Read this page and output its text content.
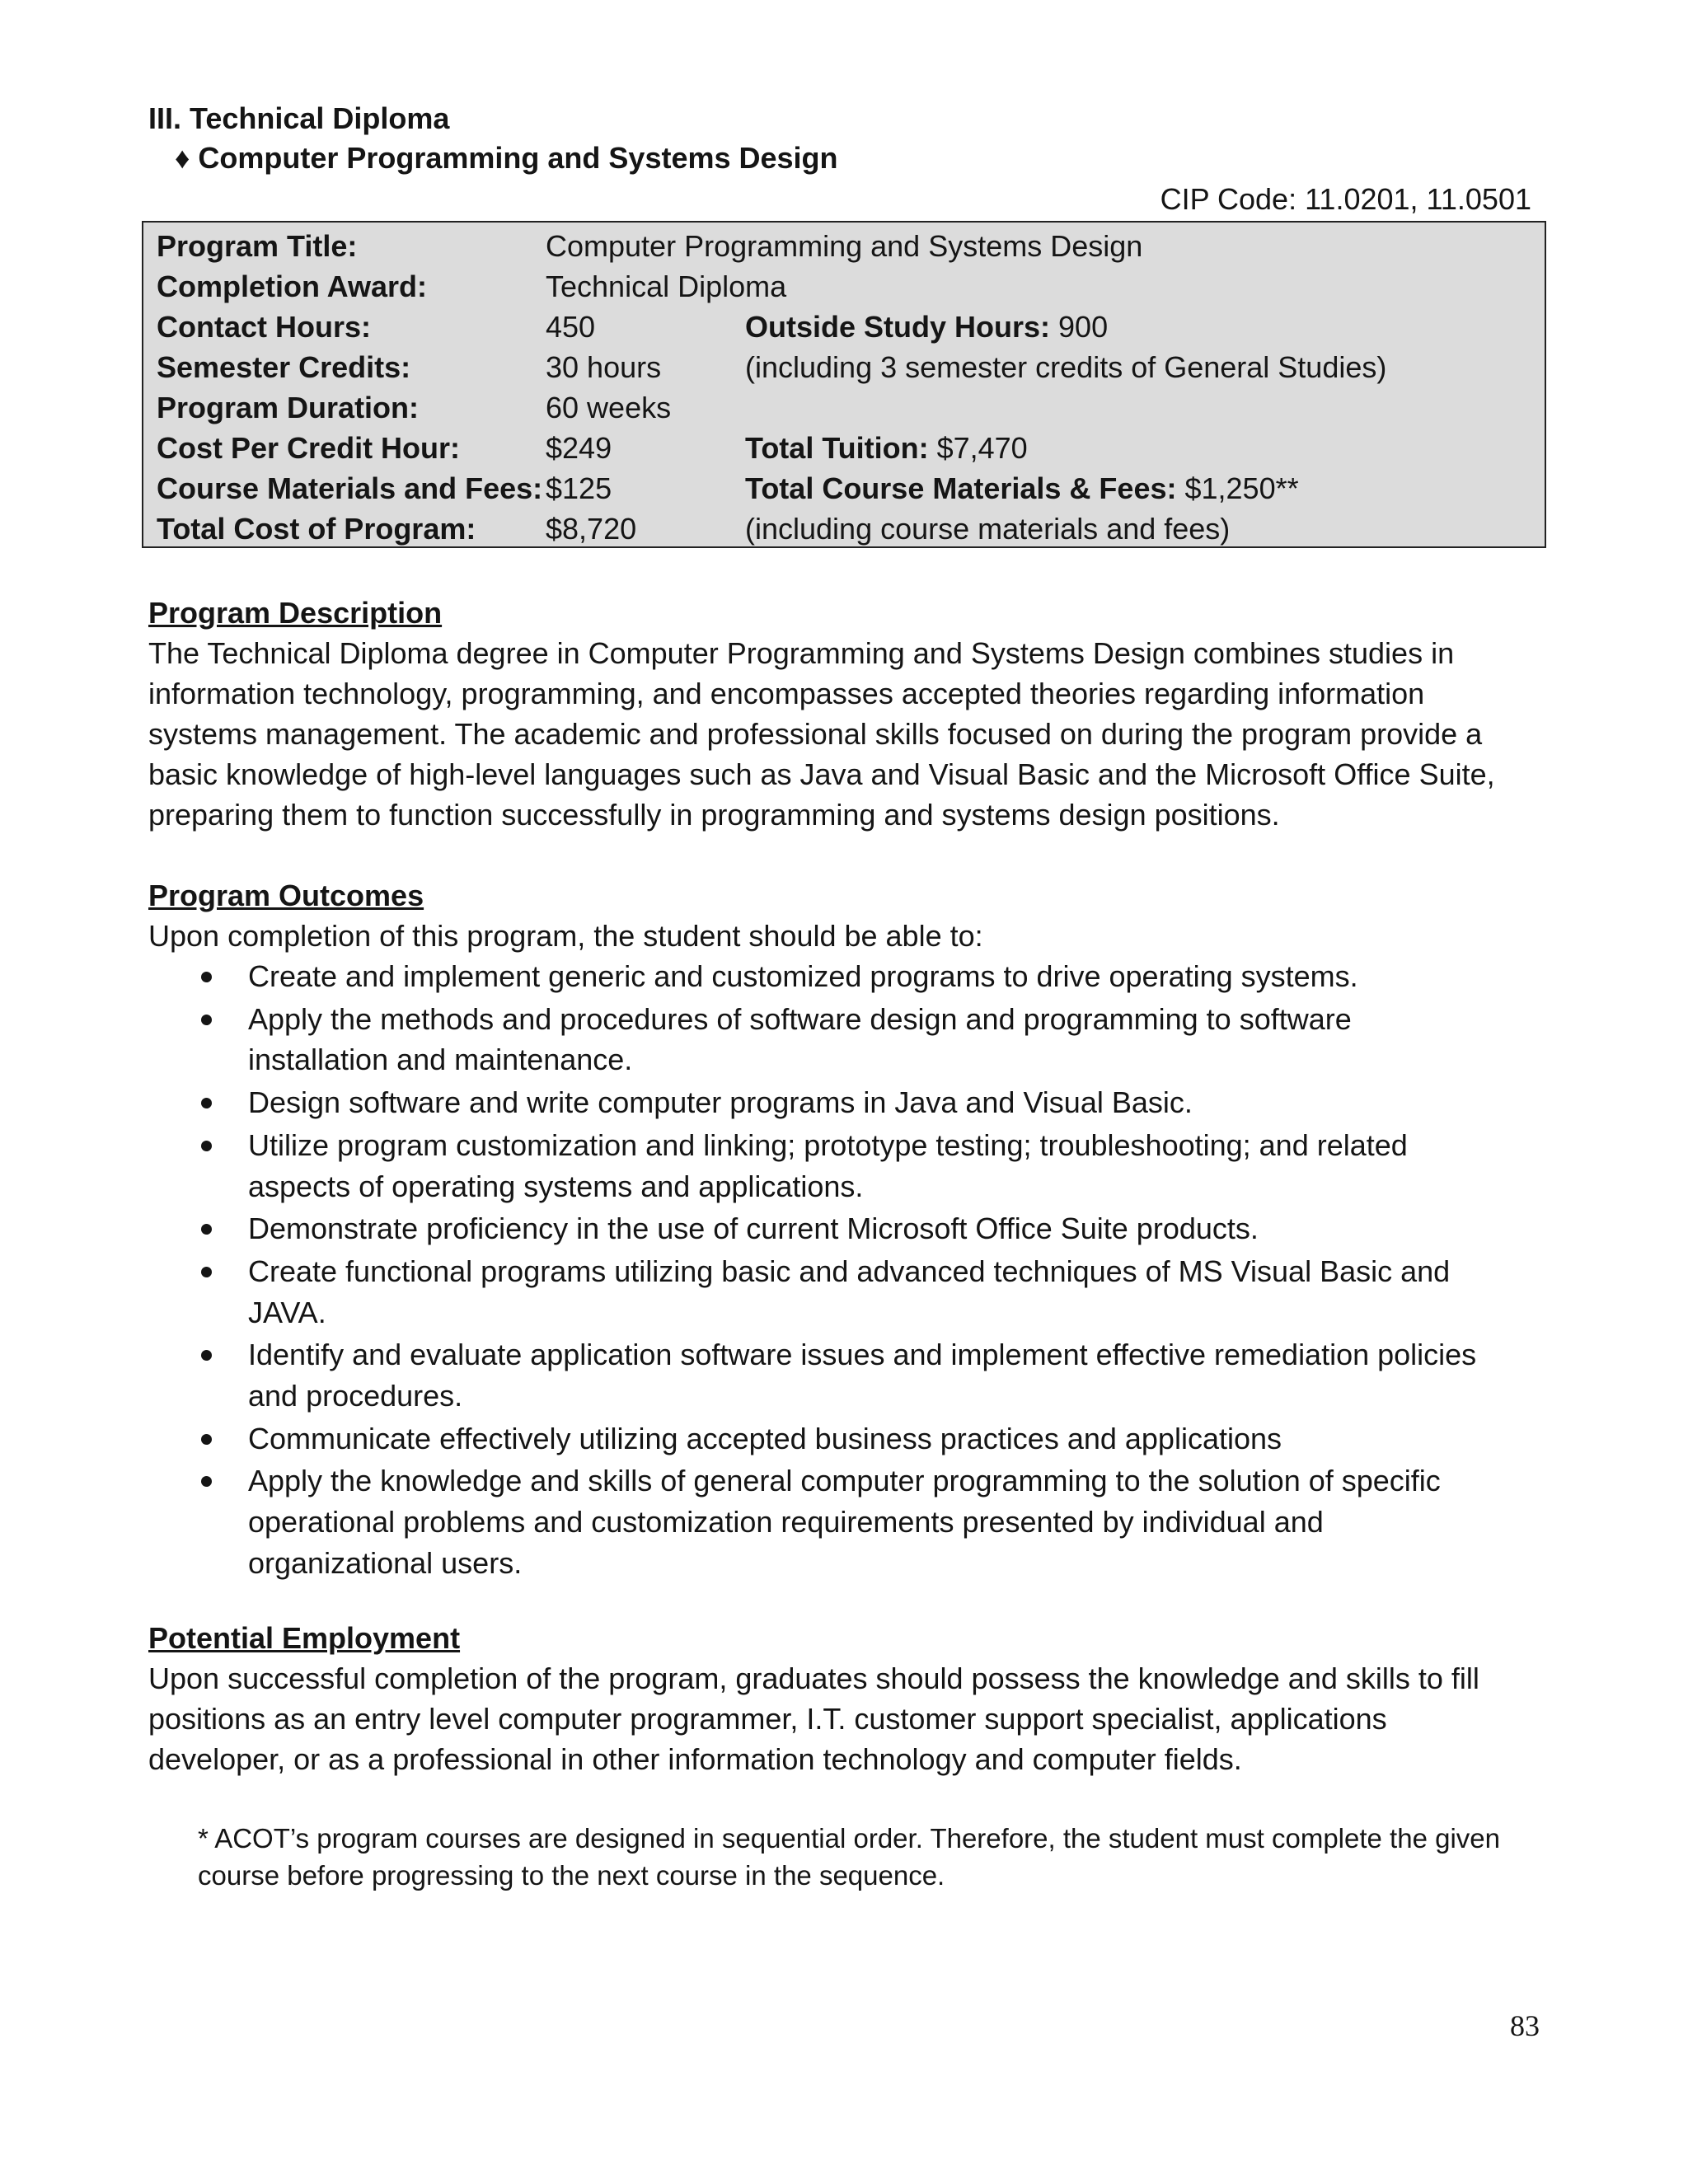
III. Technical Diploma
♦ Computer Programming and Systems Design
CIP Code: 11.0201, 11.0501
Program Title:	Computer Programming and Systems Design
Completion Award:	Technical Diploma
Contact Hours:	450	Outside Study Hours: 900
Semester Credits:	30 hours	(including 3 semester credits of General Studies)
Program Duration:	60 weeks
Cost Per Credit Hour:	$249	Total Tuition: $7,470
Course Materials and Fees: $125	Total Course Materials & Fees: $1,250**
Total Cost of Program: $8,720	(including course materials and fees)
Program Description
The Technical Diploma degree in Computer Programming and Systems Design combines studies in
information technology, programming, and encompasses accepted theories regarding information
systems management. The academic and professional skills focused on during the program provide a
basic knowledge of high-level languages such as Java and Visual Basic and the Microsoft Office Suite,
preparing them to function successfully in programming and systems design positions.
Program Outcomes
Upon completion of this program, the student should be able to:
Create and implement generic and customized programs to drive operating systems.
Apply the methods and procedures of software design and programming to software
installation and maintenance.
Design software and write computer programs in Java and Visual Basic.
Utilize program customization and linking; prototype testing; troubleshooting; and related
aspects of operating systems and applications.
Demonstrate proficiency in the use of current Microsoft Office Suite products.
Create functional programs utilizing basic and advanced techniques of MS Visual Basic and
JAVA.
Identify and evaluate application software issues and implement effective remediation policies
and procedures.
Communicate effectively utilizing accepted business practices and applications
Apply the knowledge and skills of general computer programming to the solution of specific
operational problems and customization requirements presented by individual and
organizational users.
Potential Employment
Upon successful completion of the program, graduates should possess the knowledge and skills to fill
positions as an entry level computer programmer, I.T. customer support specialist, applications
developer, or as a professional in other information technology and computer fields.
* ACOT’s program courses are designed in sequential order. Therefore, the student must complete the given
course before progressing to the next course in the sequence.
83
